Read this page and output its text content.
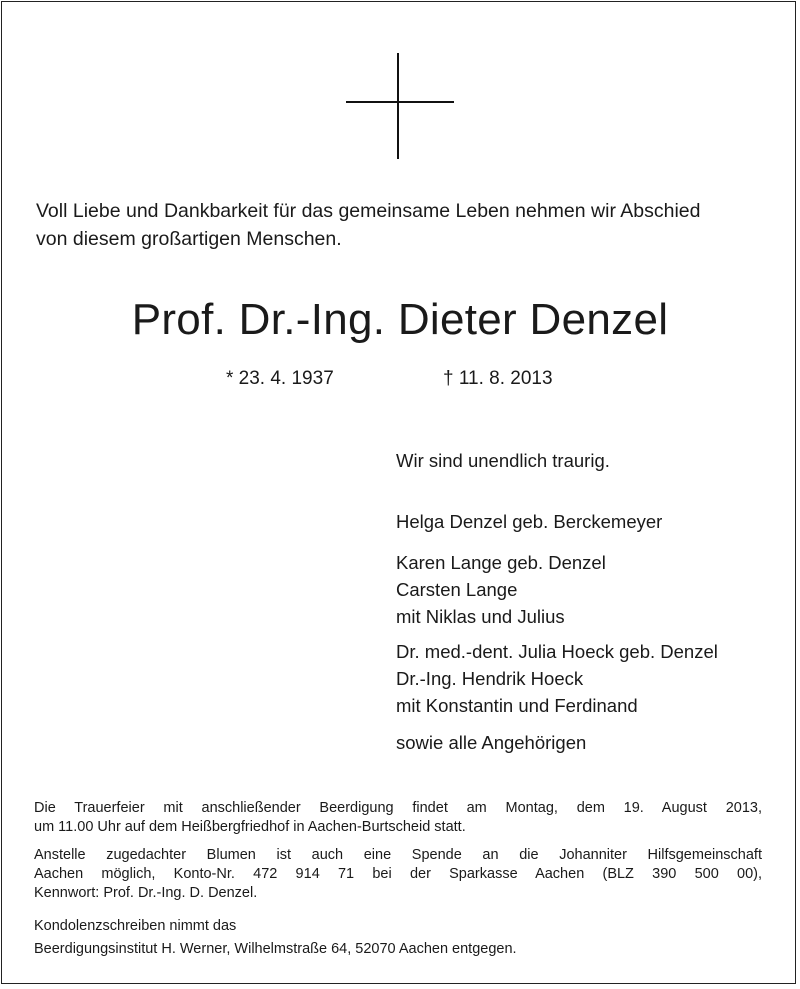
Voll Liebe und Dankbarkeit für das gemeinsame Leben nehmen wir Abschied
von diesem großartigen Menschen.

Prof. Dr.-Ing. Dieter Denzel
* 23. 4. 1937	† 11. 8. 2013
Wir sind unendlich traurig.
Helga Denzel geb. Berckemeyer
Karen Lange geb. Denzel
Carsten Lange
mit Niklas und Julius
Dr. med.-dent. Julia Hoeck geb. Denzel
Dr.-Ing. Hendrik Hoeck
mit Konstantin und Ferdinand
sowie alle Angehörigen

Die Trauerfeier mit anschließender Beerdigung findet am Montag, dem 19. August 2013,
um 11.00 Uhr auf dem Heißbergfriedhof in Aachen-Burtscheid statt.

Anstelle zugedachter Blumen ist auch eine Spende an die Johanniter Hilfsgemeinschaft
Aachen möglich, Konto-Nr. 472 914 71 bei der Sparkasse Aachen (BLZ 390 500 00),
Kennwort: Prof. Dr.-Ing. D. Denzel.

Kondolenzschreiben nimmt das
Beerdigungsinstitut H. Werner, Wilhelmstraße 64, 52070 Aachen entgegen.
